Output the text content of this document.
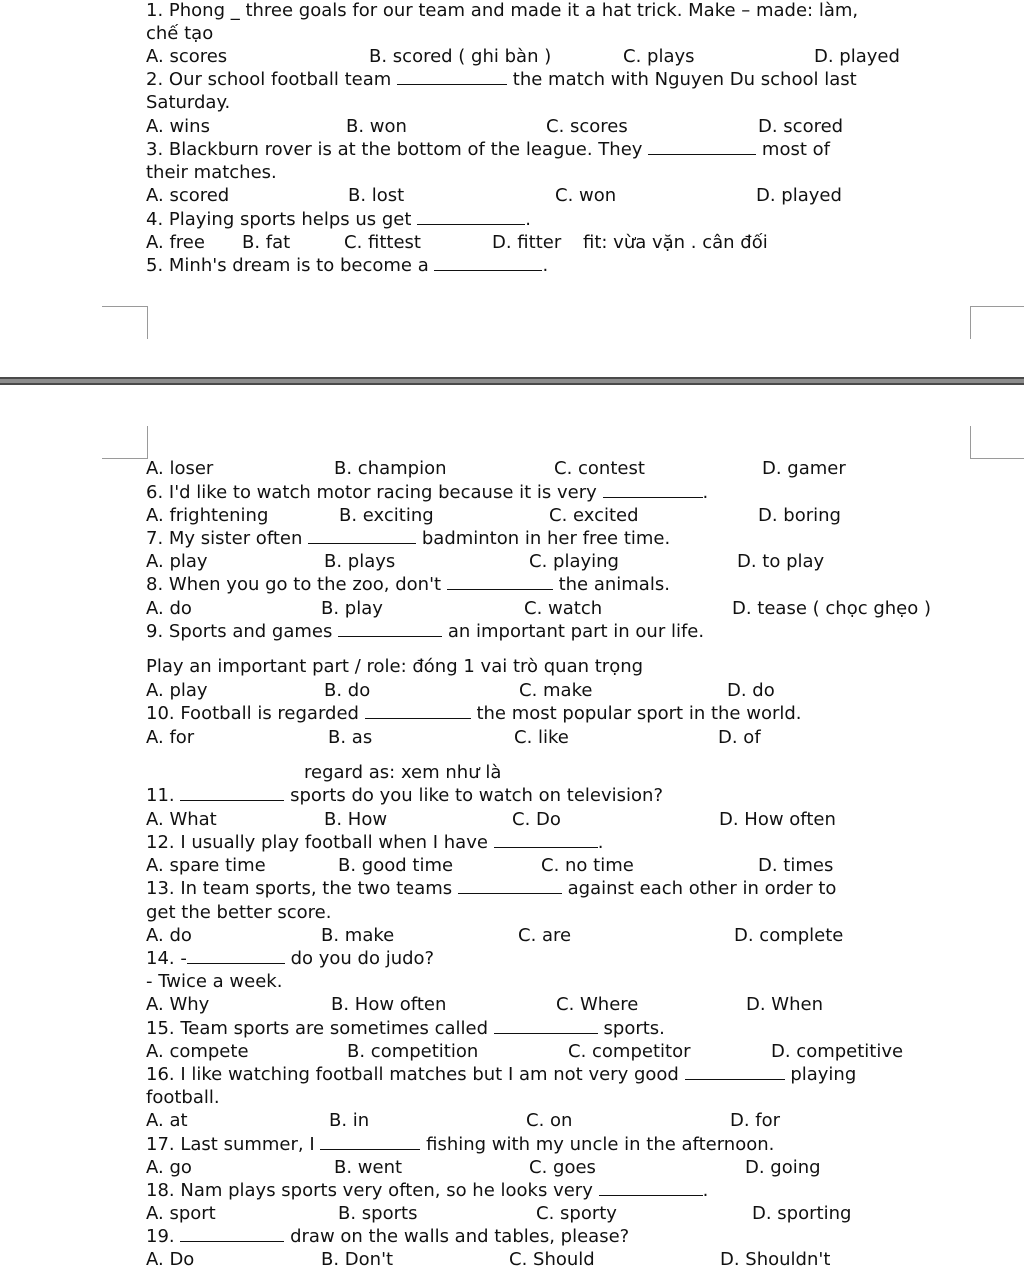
1. Phong _ three goals for our team and made it a hat trick. Make – made: làm,
chế tạo
A. scores	B. scored ( ghi bàn )	C. plays	D. played
2. Our school football team	the match with Nguyen Du school last
Saturday.
A. wins	B. won	C. scores	D. scored
3. Blackburn rover is at the bottom of the league. They	most of
their matches.
A. scored	B. lost	C. won	D. played
4. Playing sports helps us get	.
A. free B. fat	C. fittest	D. fitter fit: vừa vặn . cân đối
5. Minh's dream is to become a	.
A. loser	B. champion	C. contest	D. gamer
6. I'd like to watch motor racing because it is very	.
A. frightening	B. exciting	C. excited	D. boring
7. My sister often	badminton in her free time.
A. play	B. plays	C. playing	D. to play
8. When you go to the zoo, don't	the animals.
A. do	B. play	C. watch	D. tease ( chọc ghẹo )
9. Sports and games	an important part in our life.
Play an important part / role: đóng 1 vai trò quan trọng
A. play	B. do	C. make	D. do
10. Football is regarded	the most popular sport in the world.
A. for	B. as	C. like	D. of
regard as: xem như là
11.	sports do you like to watch on television?
A. What	B. How	C. Do	D. How often
12. I usually play football when I have	.
A. spare time	B. good time	C. no time	D. times
13. In team sports, the two teams	against each other in order to
get the better score.
A. do	B. make	C. are	D. complete
14. -	do you do judo?
- Twice a week.
A. Why	B. How often	C. Where	D. When
15. Team sports are sometimes called	sports.
A. compete	B. competition	C. competitor	D. competitive
16. I like watching football matches but I am not very good	playing
football.
A. at	B. in	C. on	D. for
17. Last summer, I	fishing with my uncle in the afternoon.
A. go	B. went	C. goes	D. going
18. Nam plays sports very often, so he looks very	.
A. sport	B. sports	C. sporty	D. sporting
19.	draw on the walls and tables, please?
A. Do	B. Don't	C. Should	D. Shouldn't
